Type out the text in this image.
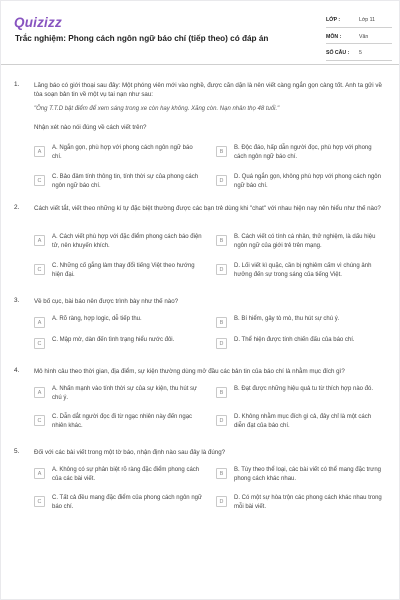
Quizizz
Trắc nghiệm: Phong cách ngôn ngữ báo chí (tiếp theo) có đáp án
LỚP :	Lớp 11
MÔN :	Văn
SỐ CÂU :	5
1. Lăng báo có giới thoại sau đây: Một phóng viên mới vào nghề, được căn dặn là nên viết càng ngắn gọn càng tốt. Anh ta gửi về tòa soạn bản tin về một vụ tai nạn như sau:
"Ông T.T.D bật điểm để xem sáng trong xe còn hay không. Xăng còn. Nạn nhân thọ 48 tuổi."
Nhận xét nào nói đúng về cách viết trên?
A
A. Ngắn gọn, phù hợp với phong cách ngôn ngữ báo chí.
B
B. Độc đáo, hấp dẫn người đọc, phù hợp với phong cách ngôn ngữ báo chí.
C
C. Bảo đảm tính thông tin, tính thời sự của phong cách ngôn ngữ báo chí.
D
D. Quá ngắn gọn, không phù hợp với phong cách ngôn ngữ báo chí.
2. Cách viết tắt, viết theo những kí tự đặc biệt thường được các bạn trẻ dùng khi "chat" với nhau hiện nay nên hiểu như thế nào?
A
A. Cách viết phù hợp với đặc điểm phong cách báo điện tử, nên khuyến khích.
B
B. Cách viết có tính cá nhân, thử nghiệm, là dấu hiệu ngôn ngữ của giới trẻ trên mạng.
C
C. Những cố gắng làm thay đổi tiếng Việt theo hướng hiện đại.
D
D. Lối viết kì quặc, cần bị nghiêm cấm vì chúng ảnh hưởng đến sự trong sáng của tiếng Việt.
3. Về bố cục, bài báo nên được trình bày như thế nào?
A
A. Rõ ràng, hợp logic, dễ tiếp thu.
B
B. Bí hiểm, gây tò mò, thu hút sự chú ý.
C
C. Mập mờ, dàn đến tình trạng hiểu nước đôi.
D
D. Thể hiện được tính chiến đấu của báo chí.
4. Mô hình câu theo thời gian, địa điểm, sự kiện thường dùng mở đầu các bản tin của báo chí là nhằm mục đích gì?
A
A. Nhấn mạnh vào tính thời sự của sự kiện, thu hút sự chú ý.
B
B. Đạt được những hiệu quả tu từ thích hợp nào đó.
C
C. Dẫn dắt người đọc đi từ ngạc nhiên này đến ngạc nhiên khác.
D
D. Không nhằm mục đích gì cả, đây chỉ là một cách diễn đạt của báo chí.
5. Đối với các bài viết trong một tờ báo, nhận định nào sau đây là đúng?
A
A. Không có sự phân biệt rõ ràng đặc điểm phong cách của các bài viết.
B
B. Tùy theo thể loại, các bài viết có thể mang đặc trưng phong cách khác nhau.
C
C. Tất cả đều mang đặc điểm của phong cách ngôn ngữ báo chí.
D
D. Có một sự hòa trộn các phong cách khác nhau trong mỗi bài viết.
